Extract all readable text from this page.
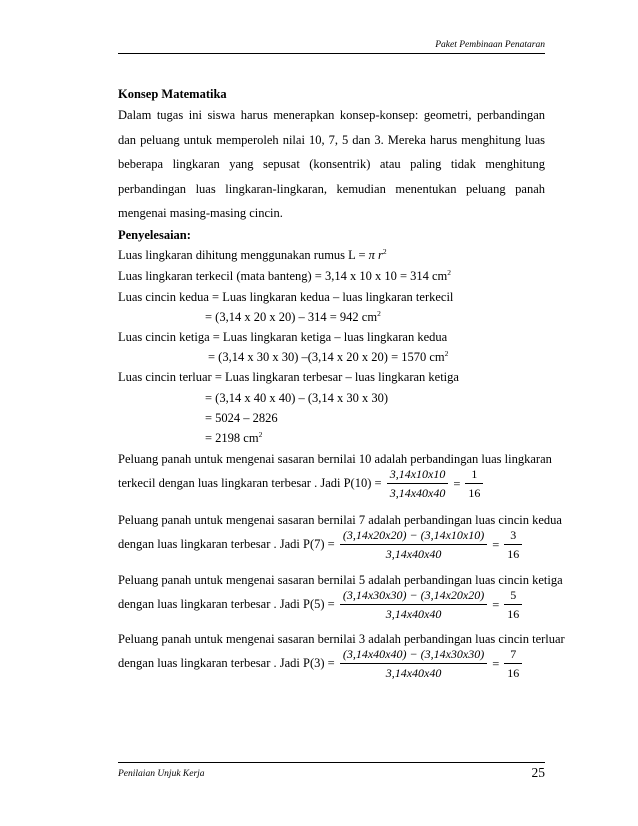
Paket Pembinaan Penataran
Konsep Matematika
Dalam tugas ini siswa harus menerapkan konsep-konsep: geometri, perbandingan dan peluang untuk memperoleh nilai 10, 7, 5 dan 3. Mereka harus menghitung luas beberapa lingkaran yang sepusat (konsentrik) atau paling tidak menghitung perbandingan luas lingkaran-lingkaran, kemudian menentukan peluang panah mengenai masing-masing cincin.
Penyelesaian:
Luas lingkaran dihitung menggunakan rumus L = π $r^2$
Luas lingkaran terkecil (mata banteng) = 3,14 x 10 x 10 = 314 $cm^2$
Luas cincin kedua = Luas lingkaran kedua – luas lingkaran terkecil
= (3,14 x 20 x 20) – 314 = 942 $cm^2$
Luas cincin ketiga = Luas lingkaran ketiga – luas lingkaran kedua
= (3,14 x 30 x 30) –(3,14 x 20 x 20) = 1570 $cm^2$
Luas cincin terluar = Luas lingkaran terbesar – luas lingkaran ketiga
= (3,14 x 40 x 40) – (3,14 x 30 x 30)
= 5024 – 2826
= 2198 $cm^2$
Peluang panah untuk mengenai sasaran bernilai 10 adalah perbandingan luas lingkaran
terkecil dengan luas lingkaran terbesar . Jadi $P(10) = \frac{3,14x10x10}{3,14x40x40} = \frac{1}{16}$
Peluang panah untuk mengenai sasaran bernilai 7 adalah perbandingan luas cincin kedua
dengan luas lingkaran terbesar . Jadi $P(7) = \frac{(3,14x20x20) - (3,14x10x10)}{3,14x40x40} = \frac{3}{16}$
Peluang panah untuk mengenai sasaran bernilai 5 adalah perbandingan luas cincin ketiga
dengan luas lingkaran terbesar . Jadi $P(5) = \frac{(3,14x30x30) - (3,14x20x20)}{3,14x40x40} = \frac{5}{16}$
Peluang panah untuk mengenai sasaran bernilai 3 adalah perbandingan luas cincin terluar
dengan luas lingkaran terbesar . Jadi $P(3) = \frac{(3,14x40x40) - (3,14x30x30)}{3,14x40x40} = \frac{7}{16}$
Penilaian Unjuk Kerja	25
